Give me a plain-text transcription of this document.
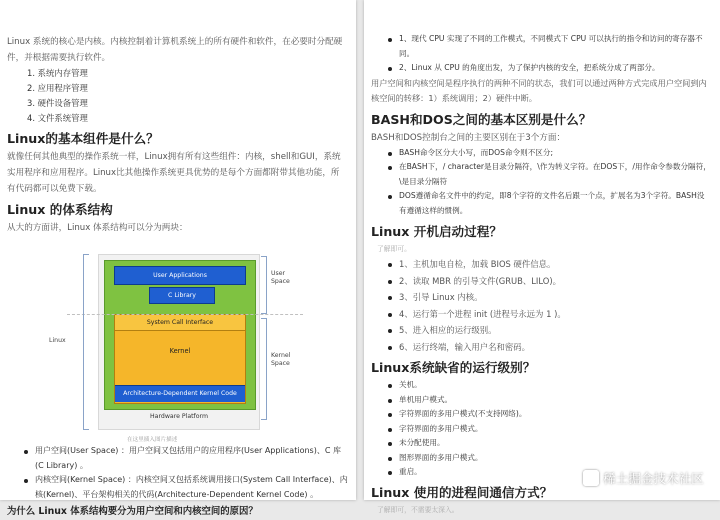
Linux 系统的核心是内核。内核控制着计算机系统上的所有硬件和软件，在必要时分配硬件，并根据需要执行软件。

1. 系统内存管理
2. 应用程序管理
3. 硬件设备管理
4. 文件系统管理
Linux的基本组件是什么？

就像任何其他典型的操作系统一样，Linux拥有所有这些组件：内核，shell和GUI，系统实用程序和应用程序。Linux比其他操作系统更具优势的是每个方面都附带其他功能，所有代码都可以免费下载。

Linux 的体系结构

从大的方面讲，Linux 体系结构可以分为两块：

User Applications
C Library
System Call Interface
Kernel
Architecture-Dependent Kernel Code
Hardware Platform
Linux
User Space
Kernel Space
在这里插入图片描述
用户空间(User Space) ：用户空间又包括用户的应用程序(User Applications)、C 库(C Library) 。
内核空间(Kernel Space) ：内核空间又包括系统调用接口(System Call Interface)、内核(Kernel)、平台架构相关的代码(Architecture-Dependent Kernel Code) 。
为什么 Linux 体系结构要分为用户空间和内核空间的原因？
1、现代 CPU 实现了不同的工作模式，不同模式下 CPU 可以执行的指令和访问的寄存器不同。
2、Linux 从 CPU 的角度出发，为了保护内核的安全，把系统分成了两部分。

用户空间和内核空间是程序执行的两种不同的状态，我们可以通过两种方式完成用户空间到内核空间的转移：1）系统调用；2）硬件中断。

BASH和DOS之间的基本区别是什么？

BASH和DOS控制台之间的主要区别在于3个方面：

BASH命令区分大小写，而DOS命令则不区分;
在BASH下，/ character是目录分隔符，\作为转义字符。在DOS下，/用作命令参数分隔符，\是目录分隔符
DOS遵循命名文件中的约定，即8个字符的文件名后跟一个点，扩展名为3个字符。BASH没有遵循这样的惯例。
Linux 开机启动过程？
了解即可。
1、主机加电自检，加载 BIOS 硬件信息。
2、读取 MBR 的引导文件(GRUB、LILO)。
3、引导 Linux 内核。
4、运行第一个进程 init (进程号永远为 1 )。
5、进入相应的运行级别。
6、运行终端，输入用户名和密码。
Linux系统缺省的运行级别？
关机。
单机用户模式。
字符界面的多用户模式(不支持网络)。
字符界面的多用户模式。
未分配使用。
图形界面的多用户模式。
重启。
Linux 使用的进程间通信方式？
了解即可，不需要太深入。
稀土掘金技术社区
